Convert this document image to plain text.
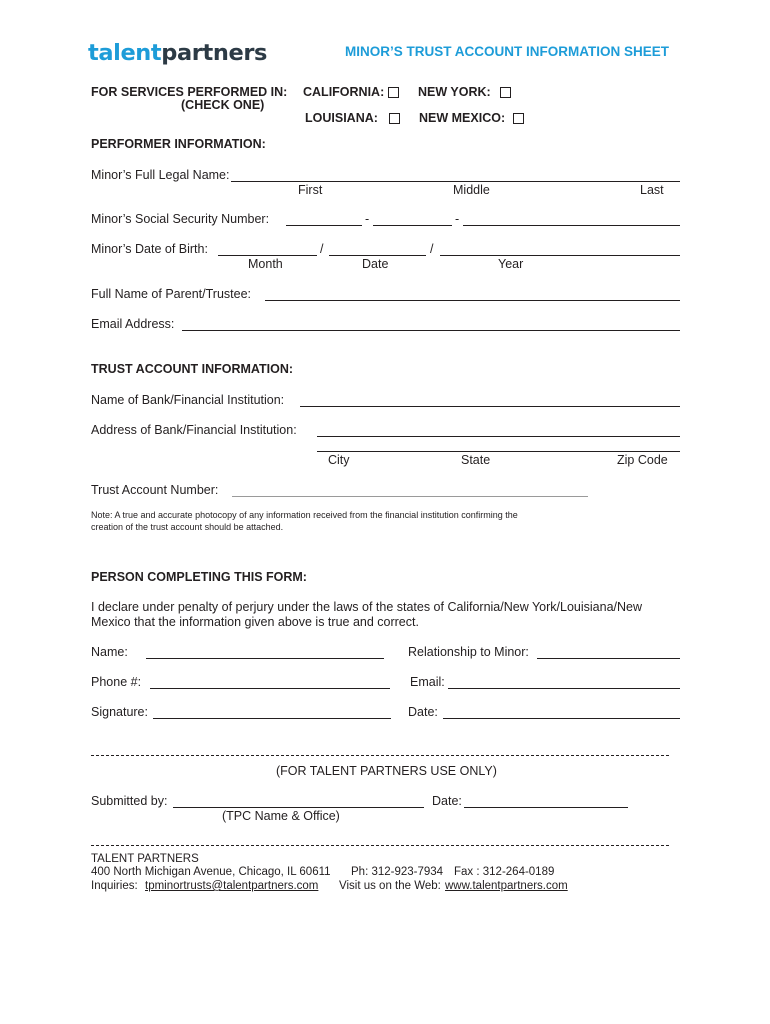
talentpartners	MINOR’S TRUST ACCOUNT INFORMATION SHEET
FOR SERVICES PERFORMED IN:
(CHECK ONE)
CALIFORNIA:	NEW YORK:
LOUISIANA:	NEW MEXICO:
PERFORMER INFORMATION:
Minor’s Full Legal Name:
First	Middle	Last
Minor’s Social Security Number:	-	-
Minor’s Date of Birth:	/	/
Month	Date	Year
Full Name of Parent/Trustee:
Email Address:
TRUST ACCOUNT INFORMATION:
Name of Bank/Financial Institution:
Address of Bank/Financial Institution:
City	State	Zip Code
Trust Account Number:
Note: A true and accurate photocopy of any information received from the financial institution confirming the
creation of the trust account should be attached.
PERSON COMPLETING THIS FORM:
I declare under penalty of perjury under the laws of the states of California/New York/Louisiana/New
Mexico that the information given above is true and correct.
Name:	Relationship to Minor:
Phone #:	Email:
Signature:	Date:
(FOR TALENT PARTNERS USE ONLY)
Submitted by:	Date:
(TPC Name & Office)
TALENT PARTNERS
400 North Michigan Avenue, Chicago, IL 60611 Ph: 312-923-7934 Fax : 312-264-0189
Inquiries: tpminortrusts@talentpartners.com Visit us on the Web: www.talentpartners.com
